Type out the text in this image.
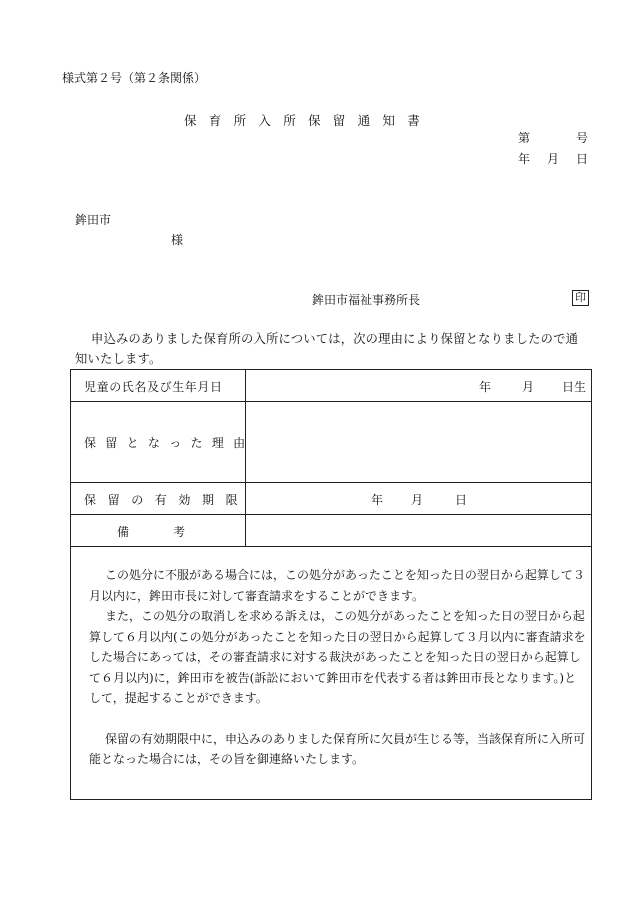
様式第２号（第２条関係）
保育所入所保留通知書
第	号
年 月 日
鉾田市
様
鉾田市福祉事務所長	印
申込みのありました保育所の入所については，次の理由により保留となりましたので通知いたします。
児童の氏名及び生年月日	年	月 日生
保留となった理由
保留の有効期限	年 月	日
備考

この処分に不服がある場合には，この処分があったことを知った日の翌日から起算して３月以内に，鉾田市長に対して審査請求をすることができます。

また，この処分の取消しを求める訴えは，この処分があったことを知った日の翌日から起算して６月以内(この処分があったことを知った日の翌日から起算して３月以内に審査請求をした場合にあっては，その審査請求に対する裁決があったことを知った日の翌日から起算して６月以内)に，鉾田市を被告(訴訟において鉾田市を代表する者は鉾田市長となります。)として，提起することができます。

保留の有効期限中に，申込みのありました保育所に欠員が生じる等，当該保育所に入所可能となった場合には，その旨を御連絡いたします。
